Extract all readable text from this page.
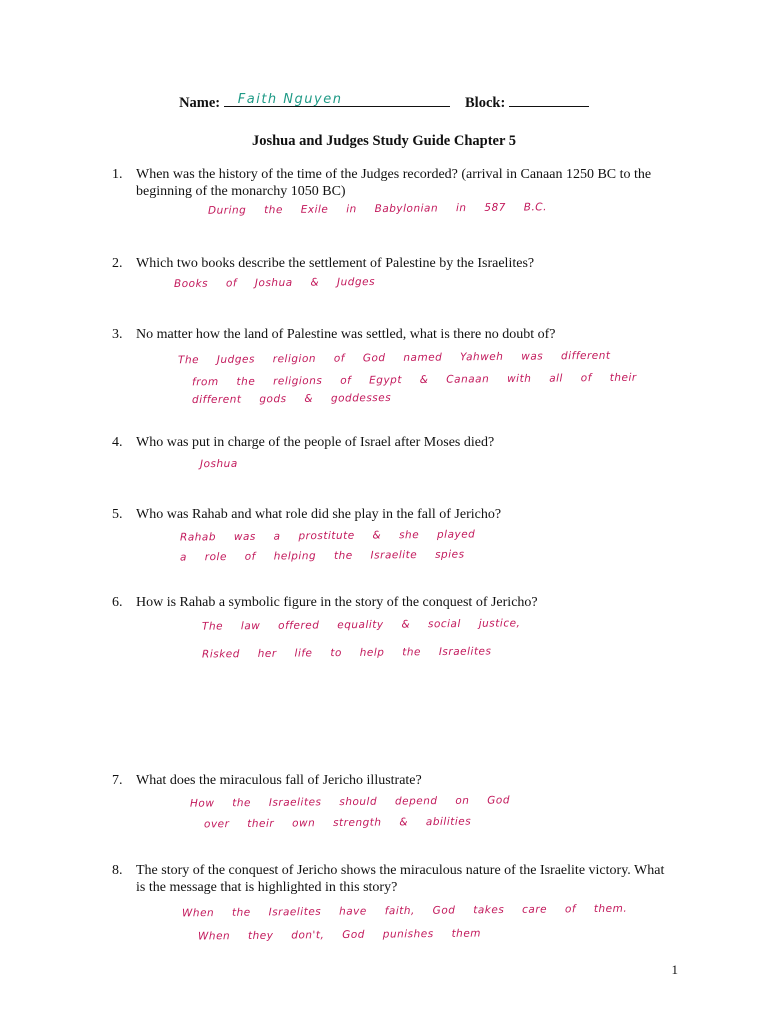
Name: Faith Nguyen	Block:
Joshua and Judges Study Guide Chapter 5
1. When was the history of the time of the Judges recorded? (arrival in Canaan 1250 BC to the beginning of the monarchy 1050 BC)
During the Exile in Babylonian in 587 B.C.
2. Which two books describe the settlement of Palestine by the Israelites?
Books of Joshua & Judges
3. No matter how the land of Palestine was settled, what is there no doubt of?
The Judges religion of God named Yahweh was different
from the religions of Egypt & Canaan with all of their
different gods & goddesses
4. Who was put in charge of the people of Israel after Moses died?
Joshua
5. Who was Rahab and what role did she play in the fall of Jericho?
Rahab was a prostitute & she played
a role of helping the Israelite spies
6. How is Rahab a symbolic figure in the story of the conquest of Jericho?
The law offered equality & social justice,
Risked her life to help the Israelites
7. What does the miraculous fall of Jericho illustrate?
How the Israelites should depend on God
over their own strength & abilities
8. The story of the conquest of Jericho shows the miraculous nature of the Israelite victory. What is the message that is highlighted in this story?
When the Israelites have faith, God takes care of them.
When they don't, God punishes them
1
